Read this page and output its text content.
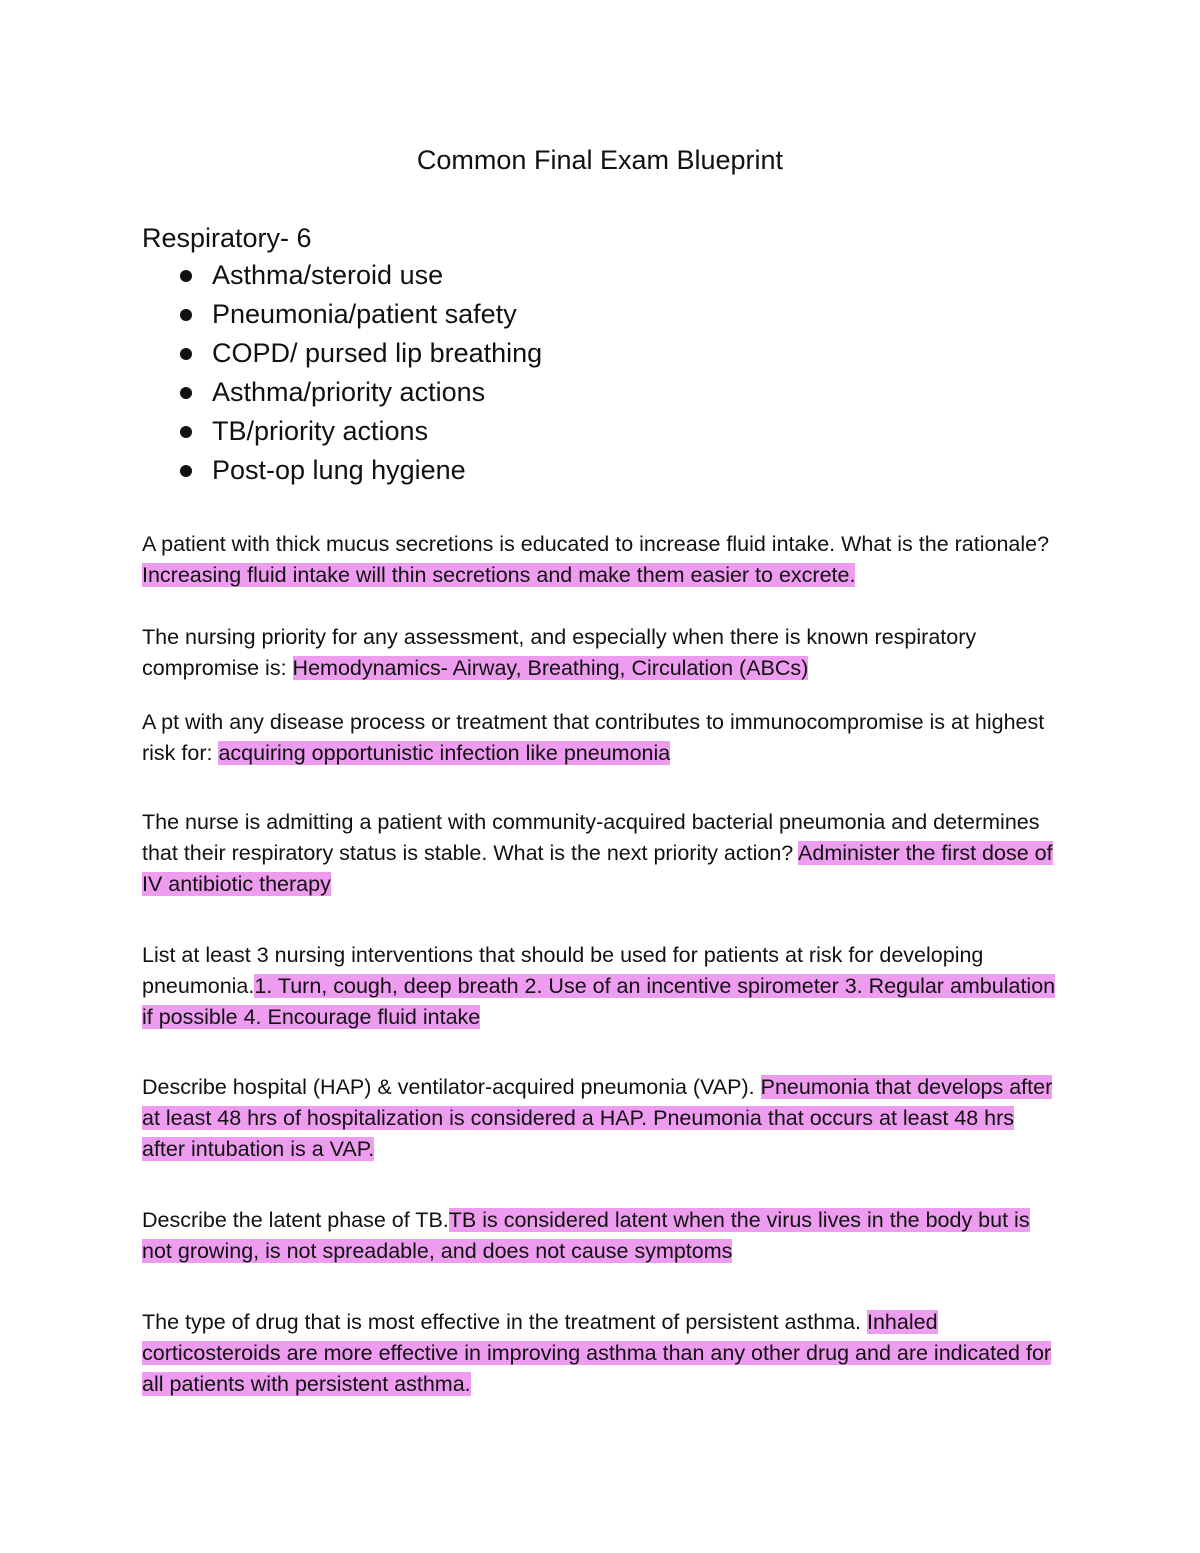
Common Final Exam Blueprint
Respiratory- 6
Asthma/steroid use
Pneumonia/patient safety
COPD/ pursed lip breathing
Asthma/priority actions
TB/priority actions
Post-op lung hygiene

A patient with thick mucus secretions is educated to increase fluid intake. What is the rationale? Increasing fluid intake will thin secretions and make them easier to excrete.

The nursing priority for any assessment, and especially when there is known respiratory compromise is: Hemodynamics- Airway, Breathing, Circulation (ABCs)

A pt with any disease process or treatment that contributes to immunocompromise is at highest risk for: acquiring opportunistic infection like pneumonia

The nurse is admitting a patient with community-acquired bacterial pneumonia and determines that their respiratory status is stable. What is the next priority action? Administer the first dose of IV antibiotic therapy

List at least 3 nursing interventions that should be used for patients at risk for developing pneumonia.1. Turn, cough, deep breath 2. Use of an incentive spirometer 3. Regular ambulation if possible 4. Encourage fluid intake

Describe hospital (HAP) & ventilator-acquired pneumonia (VAP). Pneumonia that develops after at least 48 hrs of hospitalization is considered a HAP. Pneumonia that occurs at least 48 hrs after intubation is a VAP.

Describe the latent phase of TB.TB is considered latent when the virus lives in the body but is not growing, is not spreadable, and does not cause symptoms

The type of drug that is most effective in the treatment of persistent asthma. Inhaled corticosteroids are more effective in improving asthma than any other drug and are indicated for all patients with persistent asthma.
